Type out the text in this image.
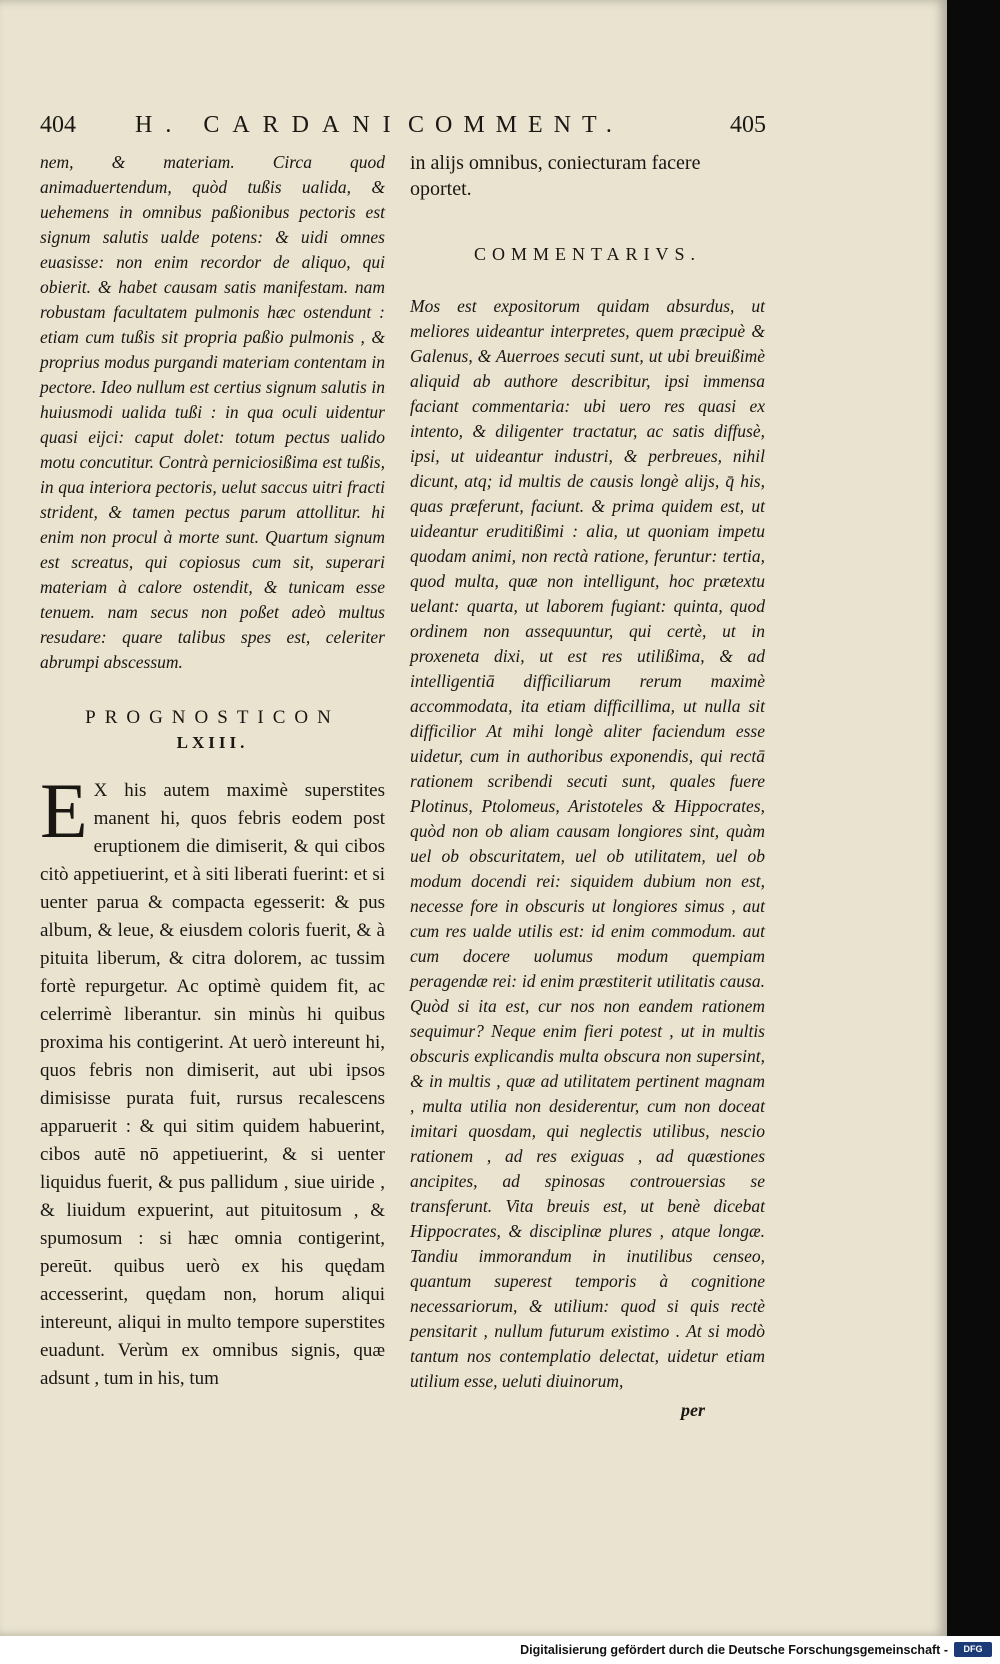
404 H. CARDANI COMMENT.	405

nem, & materiam. Circa quod animaduertendum, quòd tußis ualida, & uehemens in omnibus paßionibus pectoris est signum salutis ualde potens: & uidi omnes euasisse: non enim recordor de aliquo, qui obierit. & habet causam satis manifestam. nam robustam facultatem pulmonis hæc ostendunt : etiam cum tußis sit propria paßio pulmonis , & proprius modus purgandi materiam contentam in pectore. Ideo nullum est certius signum salutis in huiusmodi ualida tußi : in qua oculi uidentur quasi eijci: caput dolet: totum pectus ualido motu concutitur. Contrà perniciosißima est tußis, in qua interiora pectoris, uelut saccus uitri fracti strident, & tamen pectus parum attollitur. hi enim non procul à morte sunt. Quartum signum est screatus, qui copiosus cum sit, superari materiam à calore ostendit, & tunicam esse tenuem. nam secus non poßet adeò multus resudare: quare talibus spes est, celeriter abrumpi abscessum.

PROGNOSTICON
LXIII.

E X his autem maximè superstites manent hi, quos febris eodem post eruptionem die dimiserit, & qui cibos citò appetiuerint, et à siti liberati fuerint: et si uenter parua & compacta egesserit: & pus album, & leue, & eiusdem coloris fuerit, & à pituita liberum, & citra dolorem, ac tussim fortè repurgetur. Ac optimè quidem fit, ac celerrimè liberantur. sin minùs hi quibus proxima his contigerint. At uerò intereunt hi, quos febris non dimiserit, aut ubi ipsos dimisisse purata fuit, rursus recalescens apparuerit : & qui sitim quidem habuerint, cibos autē nō appetiuerint, & si uenter liquidus fuerit, & pus pallidum , siue uiride , & liuidum expuerint, aut pituitosum , & spumosum : si hæc omnia contigerint, pereūt. quibus uerò ex his quędam accesserint, quędam non, horum aliqui intereunt, aliqui in multo tempore superstites euadunt. Verùm ex omnibus signis, quæ adsunt , tum in his, tum

in alijs omnibus, coniecturam facere oportet.

COMMENTARIVS.

Mos est expositorum quidam absurdus, ut meliores uideantur interpretes, quem præcipuè & Galenus, & Auerroes secuti sunt, ut ubi breuißimè aliquid ab authore describitur, ipsi immensa faciant commentaria: ubi uero res quasi ex intento, & diligenter tractatur, ac satis diffusè, ipsi, ut uideantur industri, & perbreues, nihil dicunt, atq; id multis de causis longè alijs, q̄ his, quas præferunt, faciunt. & prima quidem est, ut uideantur eruditißimi : alia, ut quoniam impetu quodam animi, non rectà ratione, feruntur: tertia, quod multa, quæ non intelligunt, hoc prætextu uelant: quarta, ut laborem fugiant: quinta, quod ordinem non assequuntur, qui certè, ut in proxeneta dixi, ut est res utilißima, & ad intelligentiā difficiliarum rerum maximè accommodata, ita etiam difficillima, ut nulla sit difficilior At mihi longè aliter faciendum esse uidetur, cum in authoribus exponendis, qui rectā rationem scribendi secuti sunt, quales fuere Plotinus, Ptolomeus, Aristoteles & Hippocrates, quòd non ob aliam causam longiores sint, quàm uel ob obscuritatem, uel ob utilitatem, uel ob modum docendi rei: siquidem dubium non est, necesse fore in obscuris ut longiores simus , aut cum res ualde utilis est: id enim commodum. aut cum docere uolumus modum quempiam peragendæ rei: id enim præstiterit utilitatis causa. Quòd si ita est, cur nos non eandem rationem sequimur? Neque enim fieri potest , ut in multis obscuris explicandis multa obscura non supersint, & in multis , quæ ad utilitatem pertinent magnam , multa utilia non desiderentur, cum non doceat imitari quosdam, qui neglectis utilibus, nescio rationem , ad res exiguas , ad quæstiones ancipites, ad spinosas controuersias se transferunt. Vita breuis est, ut benè dicebat Hippocrates, & disciplinæ plures , atque longæ. Tandiu immorandum in inutilibus censeo, quantum superest temporis à cognitione necessariorum, & utilium: quod si quis rectè pensitarit , nullum futurum existimo . At si modò tantum nos contemplatio delectat, uidetur etiam utilium esse, ueluti diuinorum,

per
Digitalisierung gefördert durch die Deutsche Forschungsgemeinschaft -	DFG
